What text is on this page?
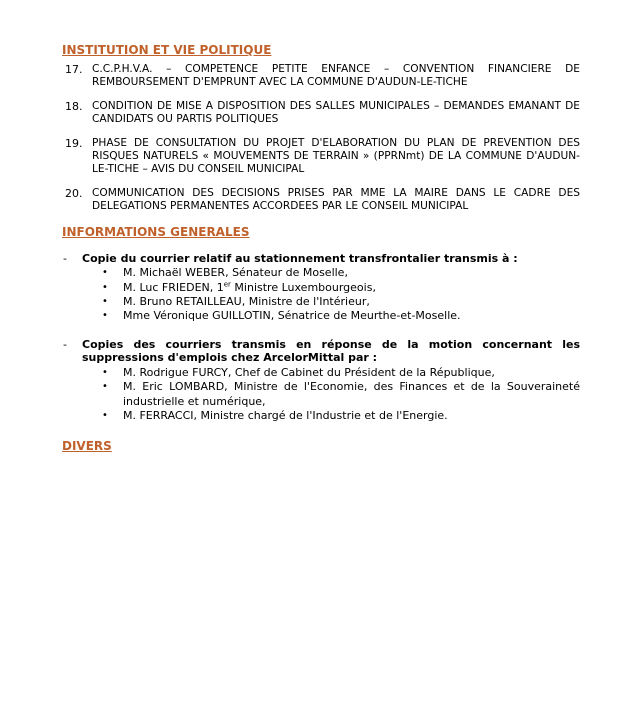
INSTITUTION ET VIE POLITIQUE
17. C.C.P.H.V.A. – COMPETENCE PETITE ENFANCE – CONVENTION FINANCIERE DE REMBOURSEMENT D'EMPRUNT AVEC LA COMMUNE D'AUDUN-LE-TICHE
18. CONDITION DE MISE A DISPOSITION DES SALLES MUNICIPALES – DEMANDES EMANANT DE CANDIDATS OU PARTIS POLITIQUES
19. PHASE DE CONSULTATION DU PROJET D'ELABORATION DU PLAN DE PREVENTION DES RISQUES NATURELS « MOUVEMENTS DE TERRAIN » (PPRNmt) DE LA COMMUNE D'AUDUN-LE-TICHE – AVIS DU CONSEIL MUNICIPAL
20. COMMUNICATION DES DECISIONS PRISES PAR MME LA MAIRE DANS LE CADRE DES DELEGATIONS PERMANENTES ACCORDEES PAR LE CONSEIL MUNICIPAL
INFORMATIONS GENERALES
-	Copie du courrier relatif au stationnement transfrontalier transmis à :
•	M. Michaël WEBER, Sénateur de Moselle,
•	M. Luc FRIEDEN, 1er Ministre Luxembourgeois,
•	M. Bruno RETAILLEAU, Ministre de l'Intérieur,
•	Mme Véronique GUILLOTIN, Sénatrice de Meurthe-et-Moselle.
-	Copies des courriers transmis en réponse de la motion concernant les suppressions d'emplois chez ArcelorMittal par :
•	M. Rodrigue FURCY, Chef de Cabinet du Président de la République,
•	M. Eric LOMBARD, Ministre de l'Economie, des Finances et de la Souveraineté industrielle et numérique,
•	M. FERRACCI, Ministre chargé de l'Industrie et de l'Energie.
DIVERS
